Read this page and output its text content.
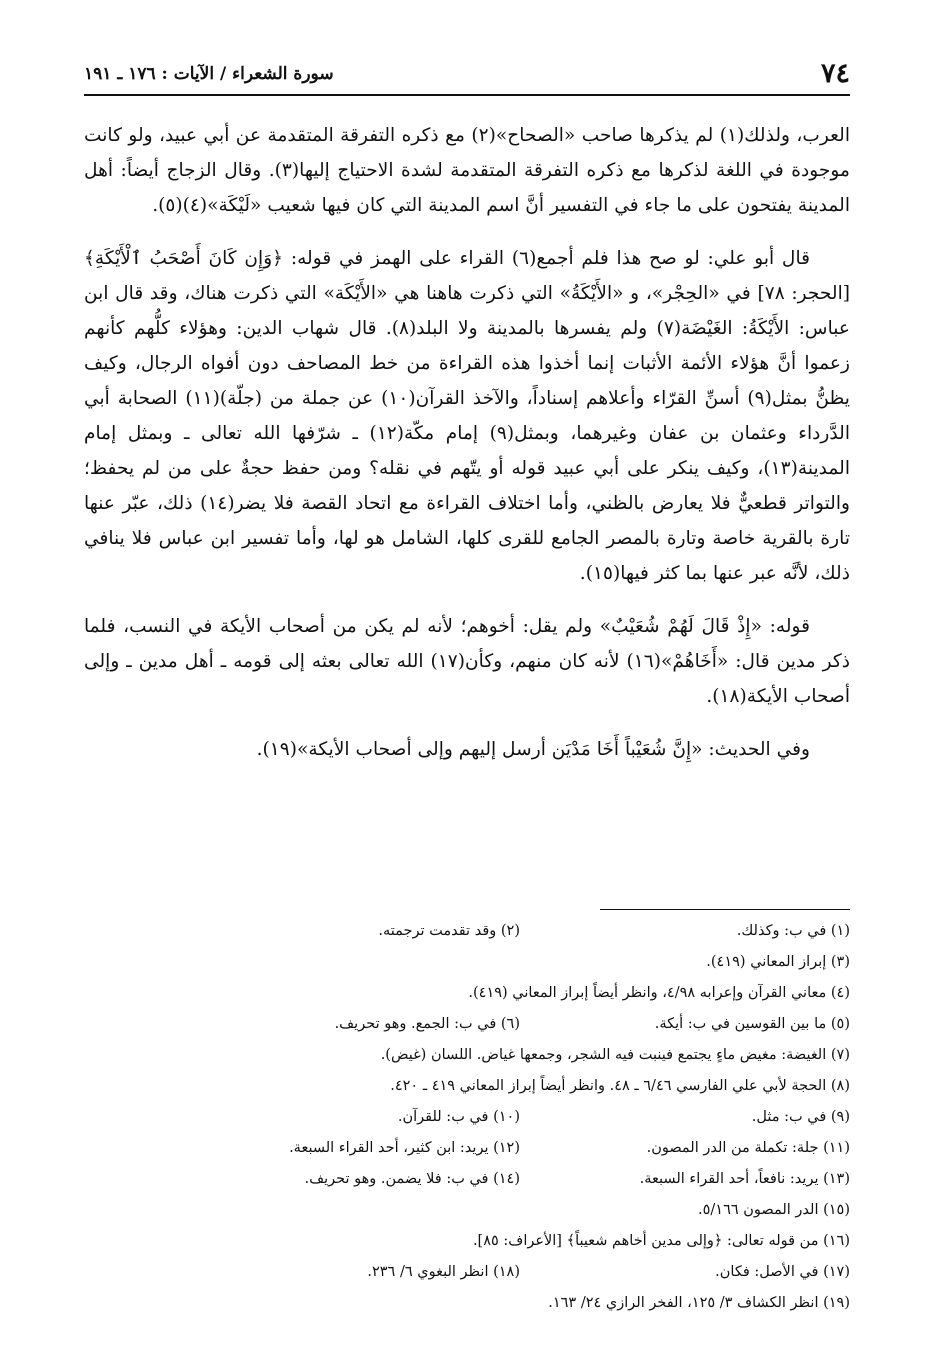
٧٤
سورة الشعراء / الآيات : ١٧٦ ـ ١٩١

العرب، ولذلك(١) لم يذكرها صاحب «الصحاح»(٢) مع ذكره التفرقة المتقدمة عن أبي عبيد، ولو كانت موجودة في اللغة لذكرها مع ذكره التفرقة المتقدمة لشدة الاحتياج إليها(٣). وقال الزجاج أيضاً: أهل المدينة يفتحون على ما جاء في التفسير أنَّ اسم المدينة التي كان فيها شعيب «لَيْكَة»(٤)(٥).

قال أبو علي: لو صح هذا فلم أجمع(٦) القراء على الهمز في قوله: ﴿وَإِن كَانَ أَصْحَبُ ٱلْأَيْكَةِ﴾ [الحجر: ٧٨] في «الحِجْر»، و «الأَيْكَةُ» التي ذكرت هاهنا هي «الأَيْكَة» التي ذكرت هناك، وقد قال ابن عباس: الأَيْكَةُ: الغَيْضَة(٧) ولم يفسرها بالمدينة ولا البلد(٨). قال شهاب الدين: وهؤلاء كلُّهم كأنهم زعموا أنَّ هؤلاء الأئمة الأثبات إنما أخذوا هذه القراءة من خط المصاحف دون أفواه الرجال، وكيف يظنُّ بمثل(٩) أسنِّ القرّاء وأعلاهم إسناداً، والآخذ القرآن(١٠) عن جملة من (جلّة)(١١) الصحابة أبي الدَّرداء وعثمان بن عفان وغيرهما، وبمثل(٩) إمام مكّة(١٢) ـ شرّفها الله تعالى ـ وبمثل إمام المدينة(١٣)، وكيف ينكر على أبي عبيد قوله أو يتّهم في نقله؟ ومن حفظ حجةٌ على من لم يحفظ؛ والتواتر قطعيٌّ فلا يعارض بالظني، وأما اختلاف القراءة مع اتحاد القصة فلا يضر(١٤) ذلك، عبّر عنها تارة بالقرية خاصة وتارة بالمصر الجامع للقرى كلها، الشامل هو لها، وأما تفسير ابن عباس فلا ينافي ذلك، لأنَّه عبر عنها بما كثر فيها(١٥).

قوله: «إِذْ قَالَ لَهُمْ شُعَيْبٌ» ولم يقل: أخوهم؛ لأنه لم يكن من أصحاب الأيكة في النسب، فلما ذكر مدين قال: «أَخَاهُمْ»(١٦) لأنه كان منهم، وكأن(١٧) الله تعالى بعثه إلى قومه ـ أهل مدين ـ وإلى أصحاب الأيكة(١٨).

وفي الحديث: «إِنَّ شُعَيْباً أَخَا مَدْيَن أرسل إليهم وإلى أصحاب الأيكة»(١٩).

(١) في ب: وكذلك.
(٢) وقد تقدمت ترجمته.
(٣) إبراز المعاني (٤١٩).
(٤) معاني القرآن وإعرابه ٤/٩٨، وانظر أيضاً إبراز المعاني (٤١٩).
(٥) ما بين القوسين في ب: أيكة.
(٦) في ب: الجمع. وهو تحريف.
(٧) الغيضة: مغيض ماءٍ يجتمع فينبت فيه الشجر، وجمعها غياض. اللسان (غيض).
(٨) الحجة لأبي علي الفارسي ٦/٤٦ ـ ٤٨. وانظر أيضاً إبراز المعاني ٤١٩ ـ ٤٢٠.
(٩) في ب: مثل.
(١٠) في ب: للقرآن.
(١١) جلة: تكملة من الدر المصون.
(١٢) يريد: ابن كثير، أحد القراء السبعة.
(١٣) يريد: نافعاً، أحد القراء السبعة.
(١٤) في ب: فلا يضمن. وهو تحريف.
(١٥) الدر المصون ٥/١٦٦.
(١٦) من قوله تعالى: ﴿وإلى مدين أخاهم شعيباً﴾ [الأعراف: ٨٥].
(١٧) في الأصل: فكان.
(١٨) انظر البغوي ٦/ ٢٣٦.
(١٩) انظر الكشاف ٣/ ١٢٥، الفخر الرازي ٢٤/ ١٦٣.
